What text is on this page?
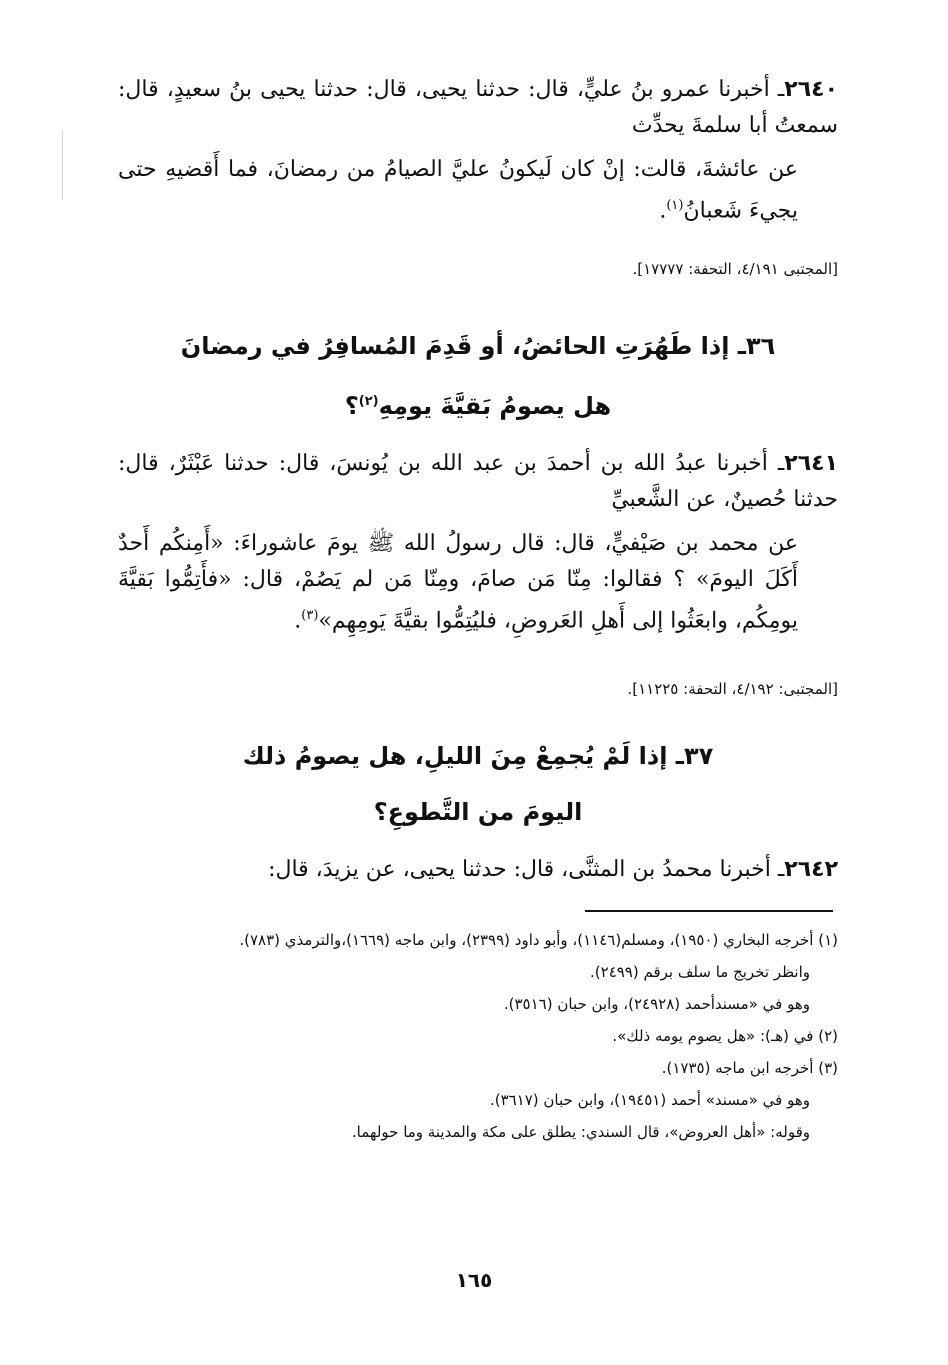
٢٦٤٠ـ أخبرنا عمرو بنُ عليٍّ، قال: حدثنا يحيى، قال: حدثنا يحيى بنُ سعيدٍ، قال: سمعتُ أبا سلمةَ يحدِّث
عن عائشةَ، قالت: إنْ كان لَيكونُ عليَّ الصيامُ من رمضانَ، فما أَقضيهِ حتى يجيءَ شَعبانُ$^{(١)}$.
[المجتبى ٤/١٩١، التحفة: ١٧٧٧٧].
٣٦ـ إذا طَهُرَتِ الحائضُ، أو قَدِمَ المُسافِرُ في رمضانَ
هل يصومُ بَقيَّةَ يومِهِ$^{(٢)}$؟
٢٦٤١ـ أخبرنا عبدُ الله بن أحمدَ بن عبد الله بن يُونسَ، قال: حدثنا عَبْثَرٌ، قال: حدثنا حُصينٌ، عن الشَّعبيِّ
عن محمد بن صَيْفيٍّ، قال: قال رسولُ الله ﷺ يومَ عاشوراءَ: «أَمِنكُم أَحدٌ أَكَلَ اليومَ» ؟ فقالوا: مِنّا مَن صامَ، ومِنّا مَن لم يَصُمْ، قال: «فأَتِمُّوا بَقيَّةَ يومِكُم، وابعَثُوا إلى أَهلِ العَروضِ، فليُتِمُّوا بقيَّةَ يَومِهِم»$^{(٣)}$.
[المجتبى: ٤/١٩٢، التحفة: ١١٢٢٥].
٣٧ـ إذا لَمْ يُجمِعْ مِنَ الليلِ، هل يصومُ ذلك
اليومَ من التَّطوعِ؟
٢٦٤٢ـ أخبرنا محمدُ بن المثنَّى، قال: حدثنا يحيى، عن يزيدَ، قال:
(١) أخرجه البخاري (١٩٥٠)، ومسلم(١١٤٦)، وأبو داود (٢٣٩٩)، وابن ماجه (١٦٦٩)،والترمذي (٧٨٣).
وانظر تخريج ما سلف برقم (٢٤٩٩).
وهو في «مسندأحمد (٢٤٩٢٨)، وابن حبان (٣٥١٦).
(٢) في (هـ): «هل يصوم يومه ذلك».
(٣) أخرجه ابن ماجه (١٧٣٥).
وهو في «مسند» أحمد (١٩٤٥١)، وابن حبان (٣٦١٧).
وقوله: «أهل العروض»، قال السندي: يطلق على مكة والمدينة وما حولهما.
١٦٥
